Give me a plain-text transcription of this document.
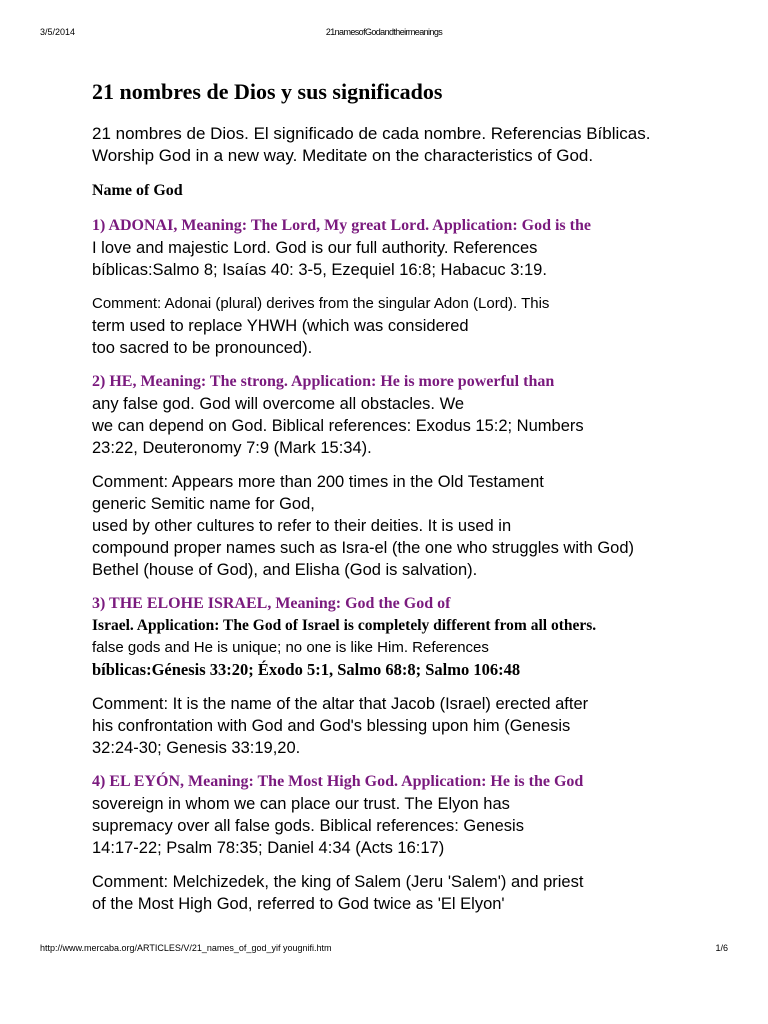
3/5/2014	21namesofGodandtheirmeanings
21 nombres de Dios y sus significados
21 nombres de Dios. El significado de cada nombre. Referencias Bíblicas.
Worship God in a new way. Meditate on the characteristics of God.
Name of God
1) ADONAI, Meaning: The Lord, My great Lord. Application: God is the
I love and majestic Lord. God is our full authority. References
bíblicas:Salmo 8; Isaías 40: 3-5, Ezequiel 16:8; Habacuc 3:19.
Comment: Adonai (plural) derives from the singular Adon (Lord). This
term used to replace YHWH (which was considered
too sacred to be pronounced).
2) HE, Meaning: The strong. Application: He is more powerful than
any false god. God will overcome all obstacles. We
we can depend on God. Biblical references: Exodus 15:2; Numbers
23:22, Deuteronomy 7:9 (Mark 15:34).
Comment: Appears more than 200 times in the Old Testament
generic Semitic name for God,
used by other cultures to refer to their deities. It is used in
compound proper names such as Isra-el (the one who struggles with God)
Bethel (house of God), and Elisha (God is salvation).
3) THE ELOHE ISRAEL, Meaning: God the God of
Israel. Application: The God of Israel is completely different from all others.
false gods and He is unique; no one is like Him. References
bíblicas:Génesis 33:20; Éxodo 5:1, Salmo 68:8; Salmo 106:48
Comment: It is the name of the altar that Jacob (Israel) erected after
his confrontation with God and God's blessing upon him (Genesis
32:24-30; Genesis 33:19,20.
4) EL EYÓN, Meaning: The Most High God. Application: He is the God
sovereign in whom we can place our trust. The Elyon has
supremacy over all false gods. Biblical references: Genesis
14:17-22; Psalm 78:35; Daniel 4:34 (Acts 16:17)
Comment: Melchizedek, the king of Salem (Jeru 'Salem') and priest
of the Most High God, referred to God twice as 'El Elyon'
http://www.mercaba.org/ARTICLES/V/21_names_of_god_yif yougnifi.htm	1/6
